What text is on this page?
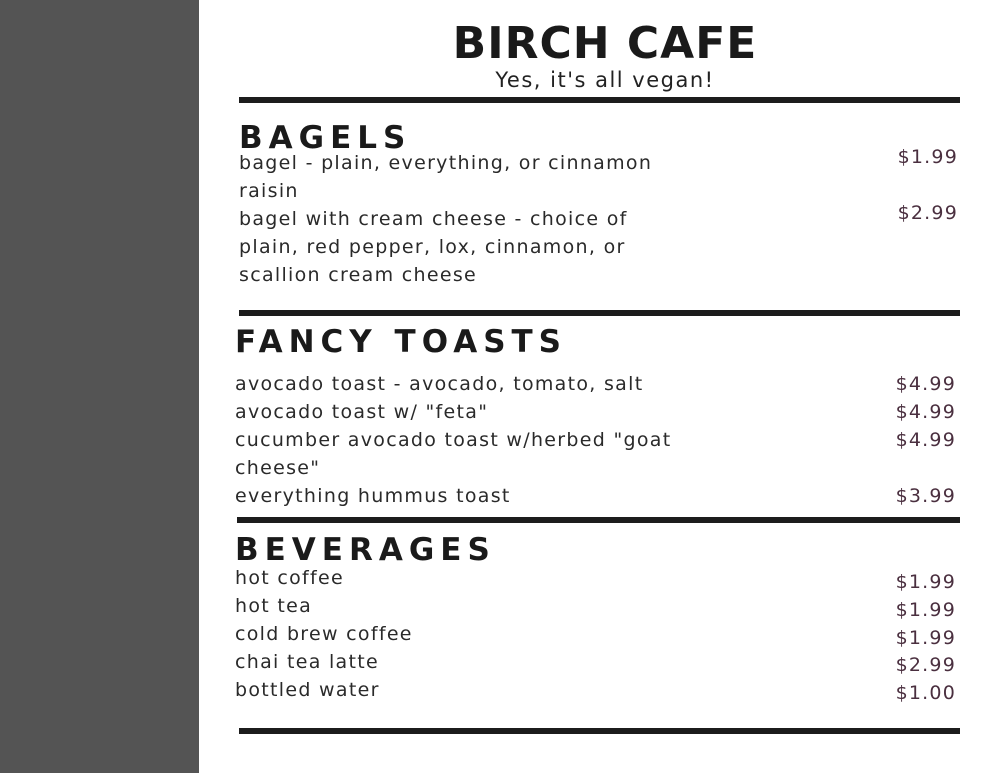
BIRCH CAFE
Yes, it's all vegan!
BAGELS
bagel - plain, everything, or cinnamon
raisin
$1.99
bagel with cream cheese - choice of
plain, red pepper, lox, cinnamon, or
scallion cream cheese
$2.99
FANCY TOASTS
avocado toast - avocado, tomato, salt	$4.99
avocado toast w/ "feta"	$4.99
cucumber avocado toast w/herbed "goat
cheese"
$4.99
everything hummus toast	$3.99
BEVERAGES
hot coffee	$1.99
hot tea	$1.99
cold brew coffee	$1.99
chai tea latte	$2.99
bottled water	$1.00
